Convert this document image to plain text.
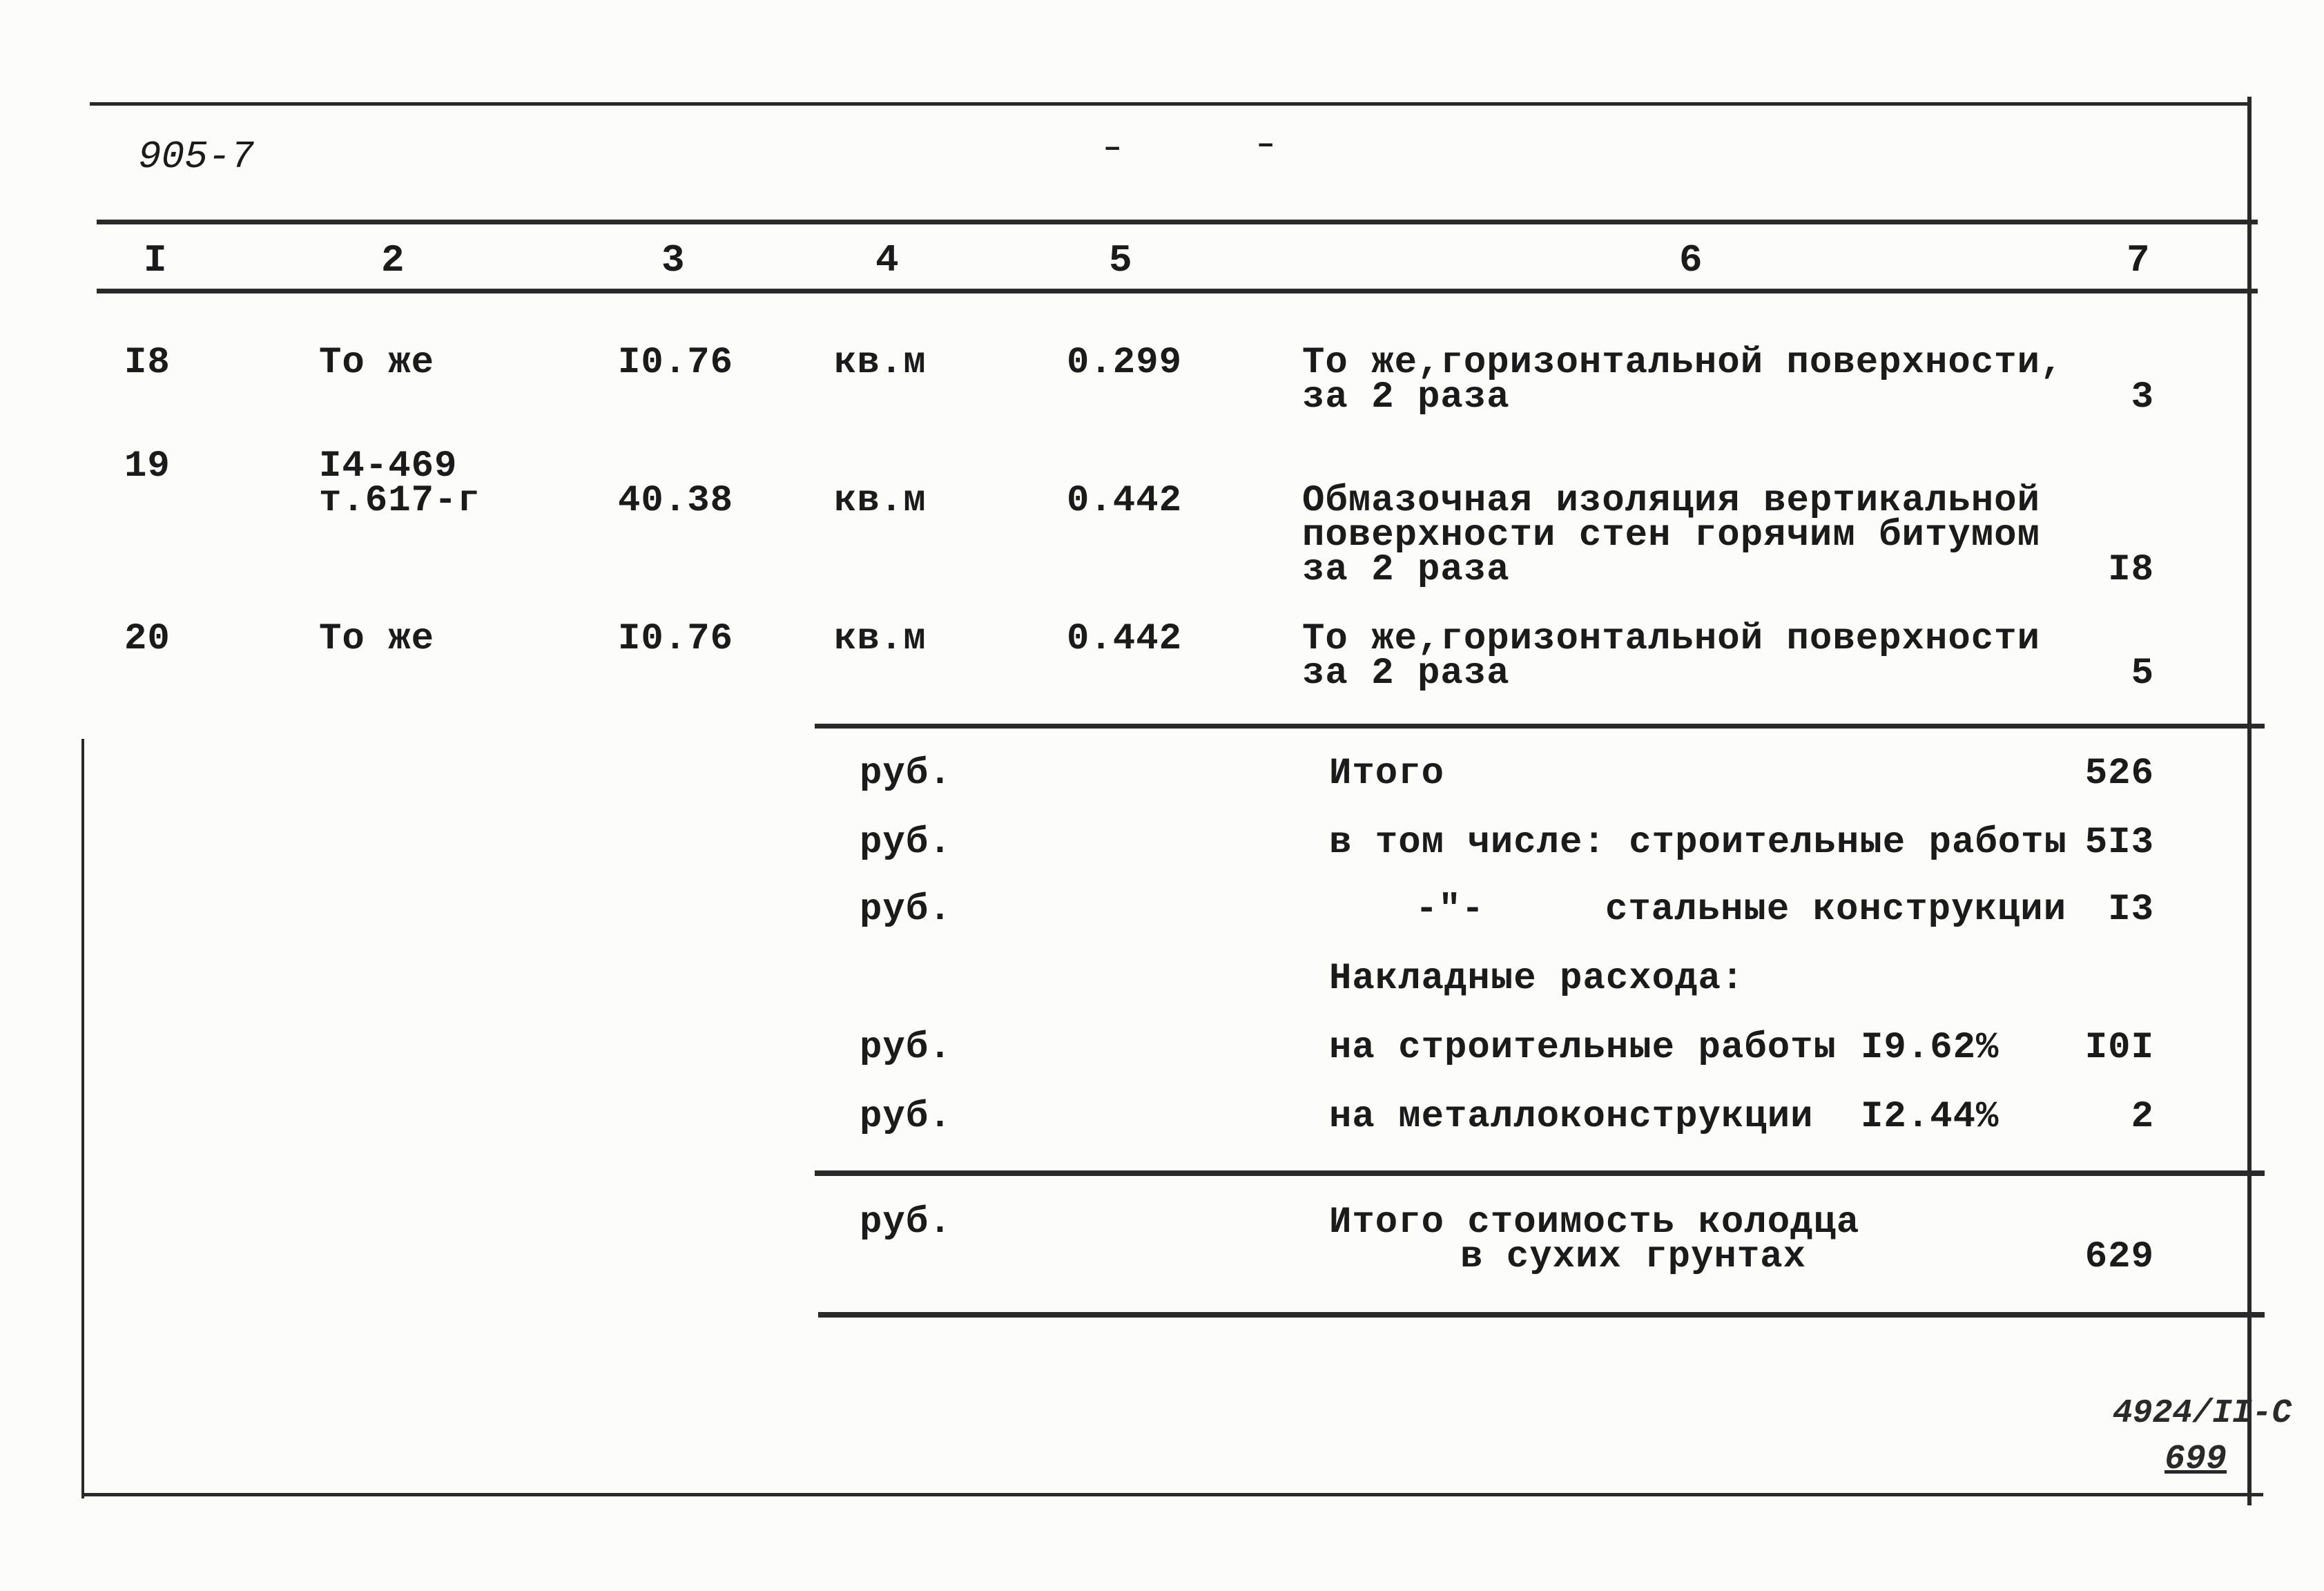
905-7	–	–
I	2	3	4	5	6	7
I8	То же	I0.76	кв.м	0.299	То же,горизонтальной поверхности,
за 2 раза	3
19	I4-469
т.617-г	40.38	кв.м	0.442	Обмазочная изоляция вертикальной
поверхности стен горячим битумом
за 2 раза	I8
20	То же	I0.76	кв.м	0.442	То же,горизонтальной поверхности
за 2 раза	5
руб.	Итого	526
руб.	в том числе: строительные работы 5I3
руб.	-"-	стальные конструкции	I3
Накладные расхода:
руб.	на строительные работы I9.62%	I0I
руб.	на металлоконструкции I2.44%	2
руб.	Итого стоимость колодца
в сухих грунтах	629
4924/II-С
699
